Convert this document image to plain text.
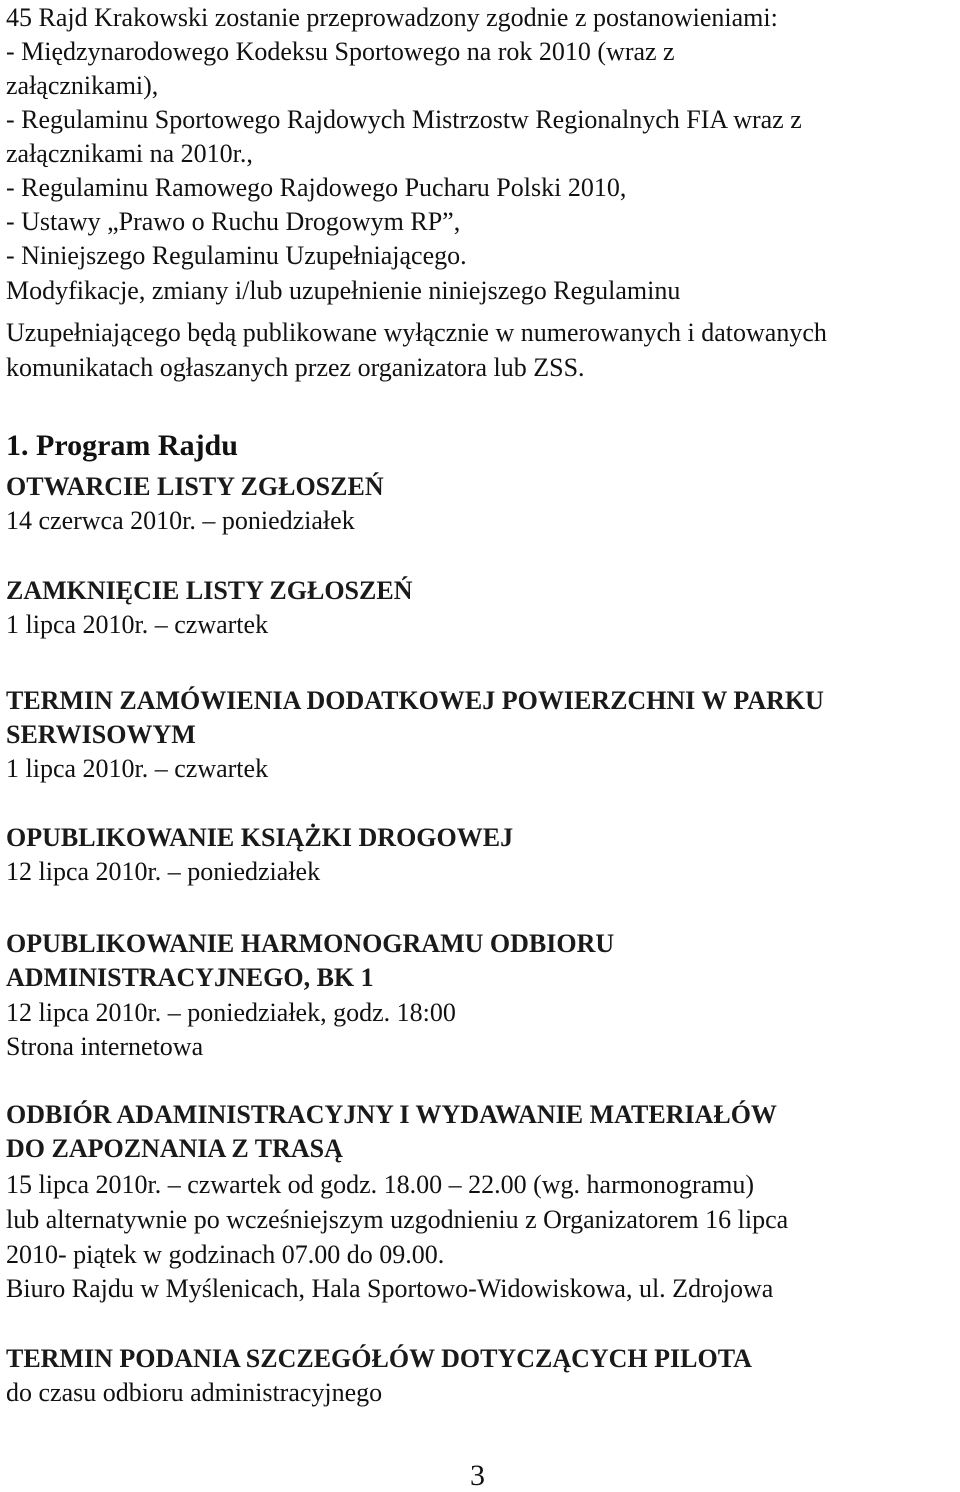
45 Rajd Krakowski zostanie przeprowadzony zgodnie z postanowieniami:
- Międzynarodowego Kodeksu Sportowego na rok 2010 (wraz z
załącznikami),
- Regulaminu Sportowego Rajdowych Mistrzostw Regionalnych FIA wraz z
załącznikami na 2010r.,
- Regulaminu Ramowego Rajdowego Pucharu Polski 2010,
- Ustawy „Prawo o Ruchu Drogowym RP”,
- Niniejszego Regulaminu Uzupełniającego.
Modyfikacje, zmiany i/lub uzupełnienie niniejszego Regulaminu
Uzupełniającego będą publikowane wyłącznie w numerowanych i datowanych
komunikatach ogłaszanych przez organizatora lub ZSS.
1. Program Rajdu
OTWARCIE LISTY ZGŁOSZEŃ
14 czerwca 2010r. – poniedziałek
ZAMKNIĘCIE LISTY ZGŁOSZEŃ
1 lipca 2010r. – czwartek
TERMIN ZAMÓWIENIA DODATKOWEJ POWIERZCHNI W PARKU
SERWISOWYM
1 lipca 2010r. – czwartek
OPUBLIKOWANIE KSIĄŻKI DROGOWEJ
12 lipca 2010r. – poniedziałek
OPUBLIKOWANIE HARMONOGRAMU ODBIORU
ADMINISTRACYJNEGO, BK 1
12 lipca 2010r. – poniedziałek, godz. 18:00
Strona internetowa
ODBIÓR ADAMINISTRACYJNY I WYDAWANIE MATERIAŁÓW
DO ZAPOZNANIA Z TRASĄ
15 lipca 2010r. – czwartek od godz. 18.00 – 22.00 (wg. harmonogramu)
lub alternatywnie po wcześniejszym uzgodnieniu z Organizatorem 16 lipca
2010- piątek w godzinach 07.00 do 09.00.
Biuro Rajdu w Myślenicach, Hala Sportowo-Widowiskowa, ul. Zdrojowa
TERMIN PODANIA SZCZEGÓŁÓW DOTYCZĄCYCH PILOTA
do czasu odbioru administracyjnego
3
